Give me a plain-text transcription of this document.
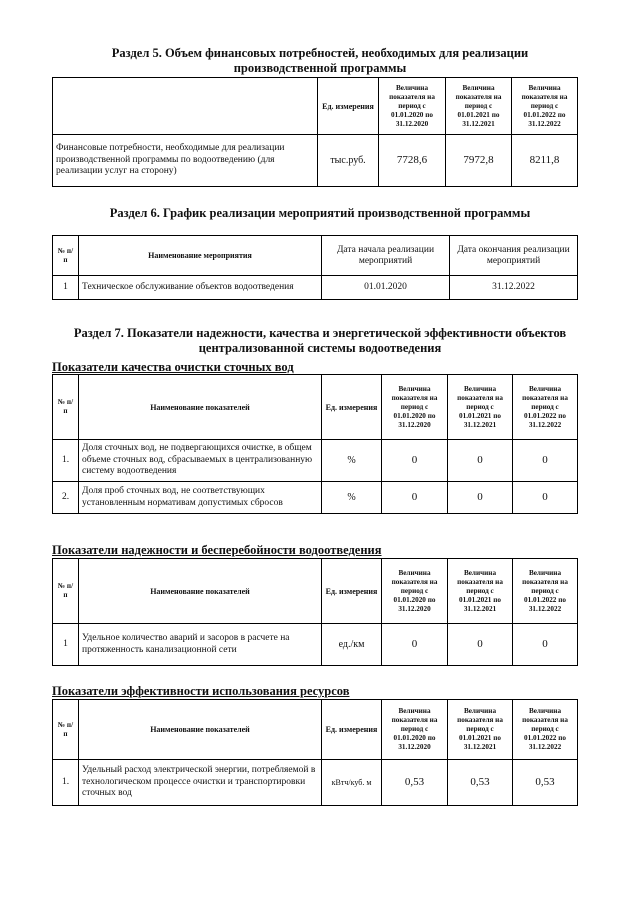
Раздел 5. Объем финансовых потребностей, необходимых для реализации
производственной программы
	Ед. измерения	Величина показателя на период с 01.01.2020 по 31.12.2020	Величина показателя на период с 01.01.2021 по 31.12.2021	Величина показателя на период с 01.01.2022 по 31.12.2022
Финансовые потребности, необходимые для реализации производственной программы по водоотведению (для реализации услуг на сторону)	тыс.руб.	7728,6	7972,8	8211,8
Раздел 6. График реализации мероприятий производственной программы
№ п/п	Наименование мероприятия	Дата начала реализации мероприятий	Дата окончания реализации мероприятий
1	Техническое обслуживание объектов водоотведения	01.01.2020	31.12.2022
Раздел 7. Показатели надежности, качества и энергетической эффективности объектов
централизованной системы водоотведения
Показатели качества очистки сточных вод
№ п/п	Наименование показателей	Ед. измерения	Величина показателя на период с 01.01.2020 по 31.12.2020	Величина показателя на период с 01.01.2021 по 31.12.2021	Величина показателя на период с 01.01.2022 по 31.12.2022
1.	Доля сточных вод, не подвергающихся очистке, в общем объеме сточных вод, сбрасываемых в централизованную систему водоотведения	%	0	0	0
2.	Доля проб сточных вод, не соответствующих установленным нормативам допустимых сбросов	%	0	0	0
Показатели надежности и бесперебойности водоотведения
№ п/п	Наименование показателей	Ед. измерения	Величина показателя на период с 01.01.2020 по 31.12.2020	Величина показателя на период с 01.01.2021 по 31.12.2021	Величина показателя на период с 01.01.2022 по 31.12.2022
1	Удельное количество аварий и засоров в расчете на протяженность канализационной сети	ед./км	0	0	0
Показатели эффективности использования ресурсов
№ п/п	Наименование показателей	Ед. измерения	Величина показателя на период с 01.01.2020 по 31.12.2020	Величина показателя на период с 01.01.2021 по 31.12.2021	Величина показателя на период с 01.01.2022 по 31.12.2022
1.	Удельный расход электрической энергии, потребляемой в технологическом процессе очистки и транспортировки сточных вод	кВтч/куб. м	0,53	0,53	0,53
